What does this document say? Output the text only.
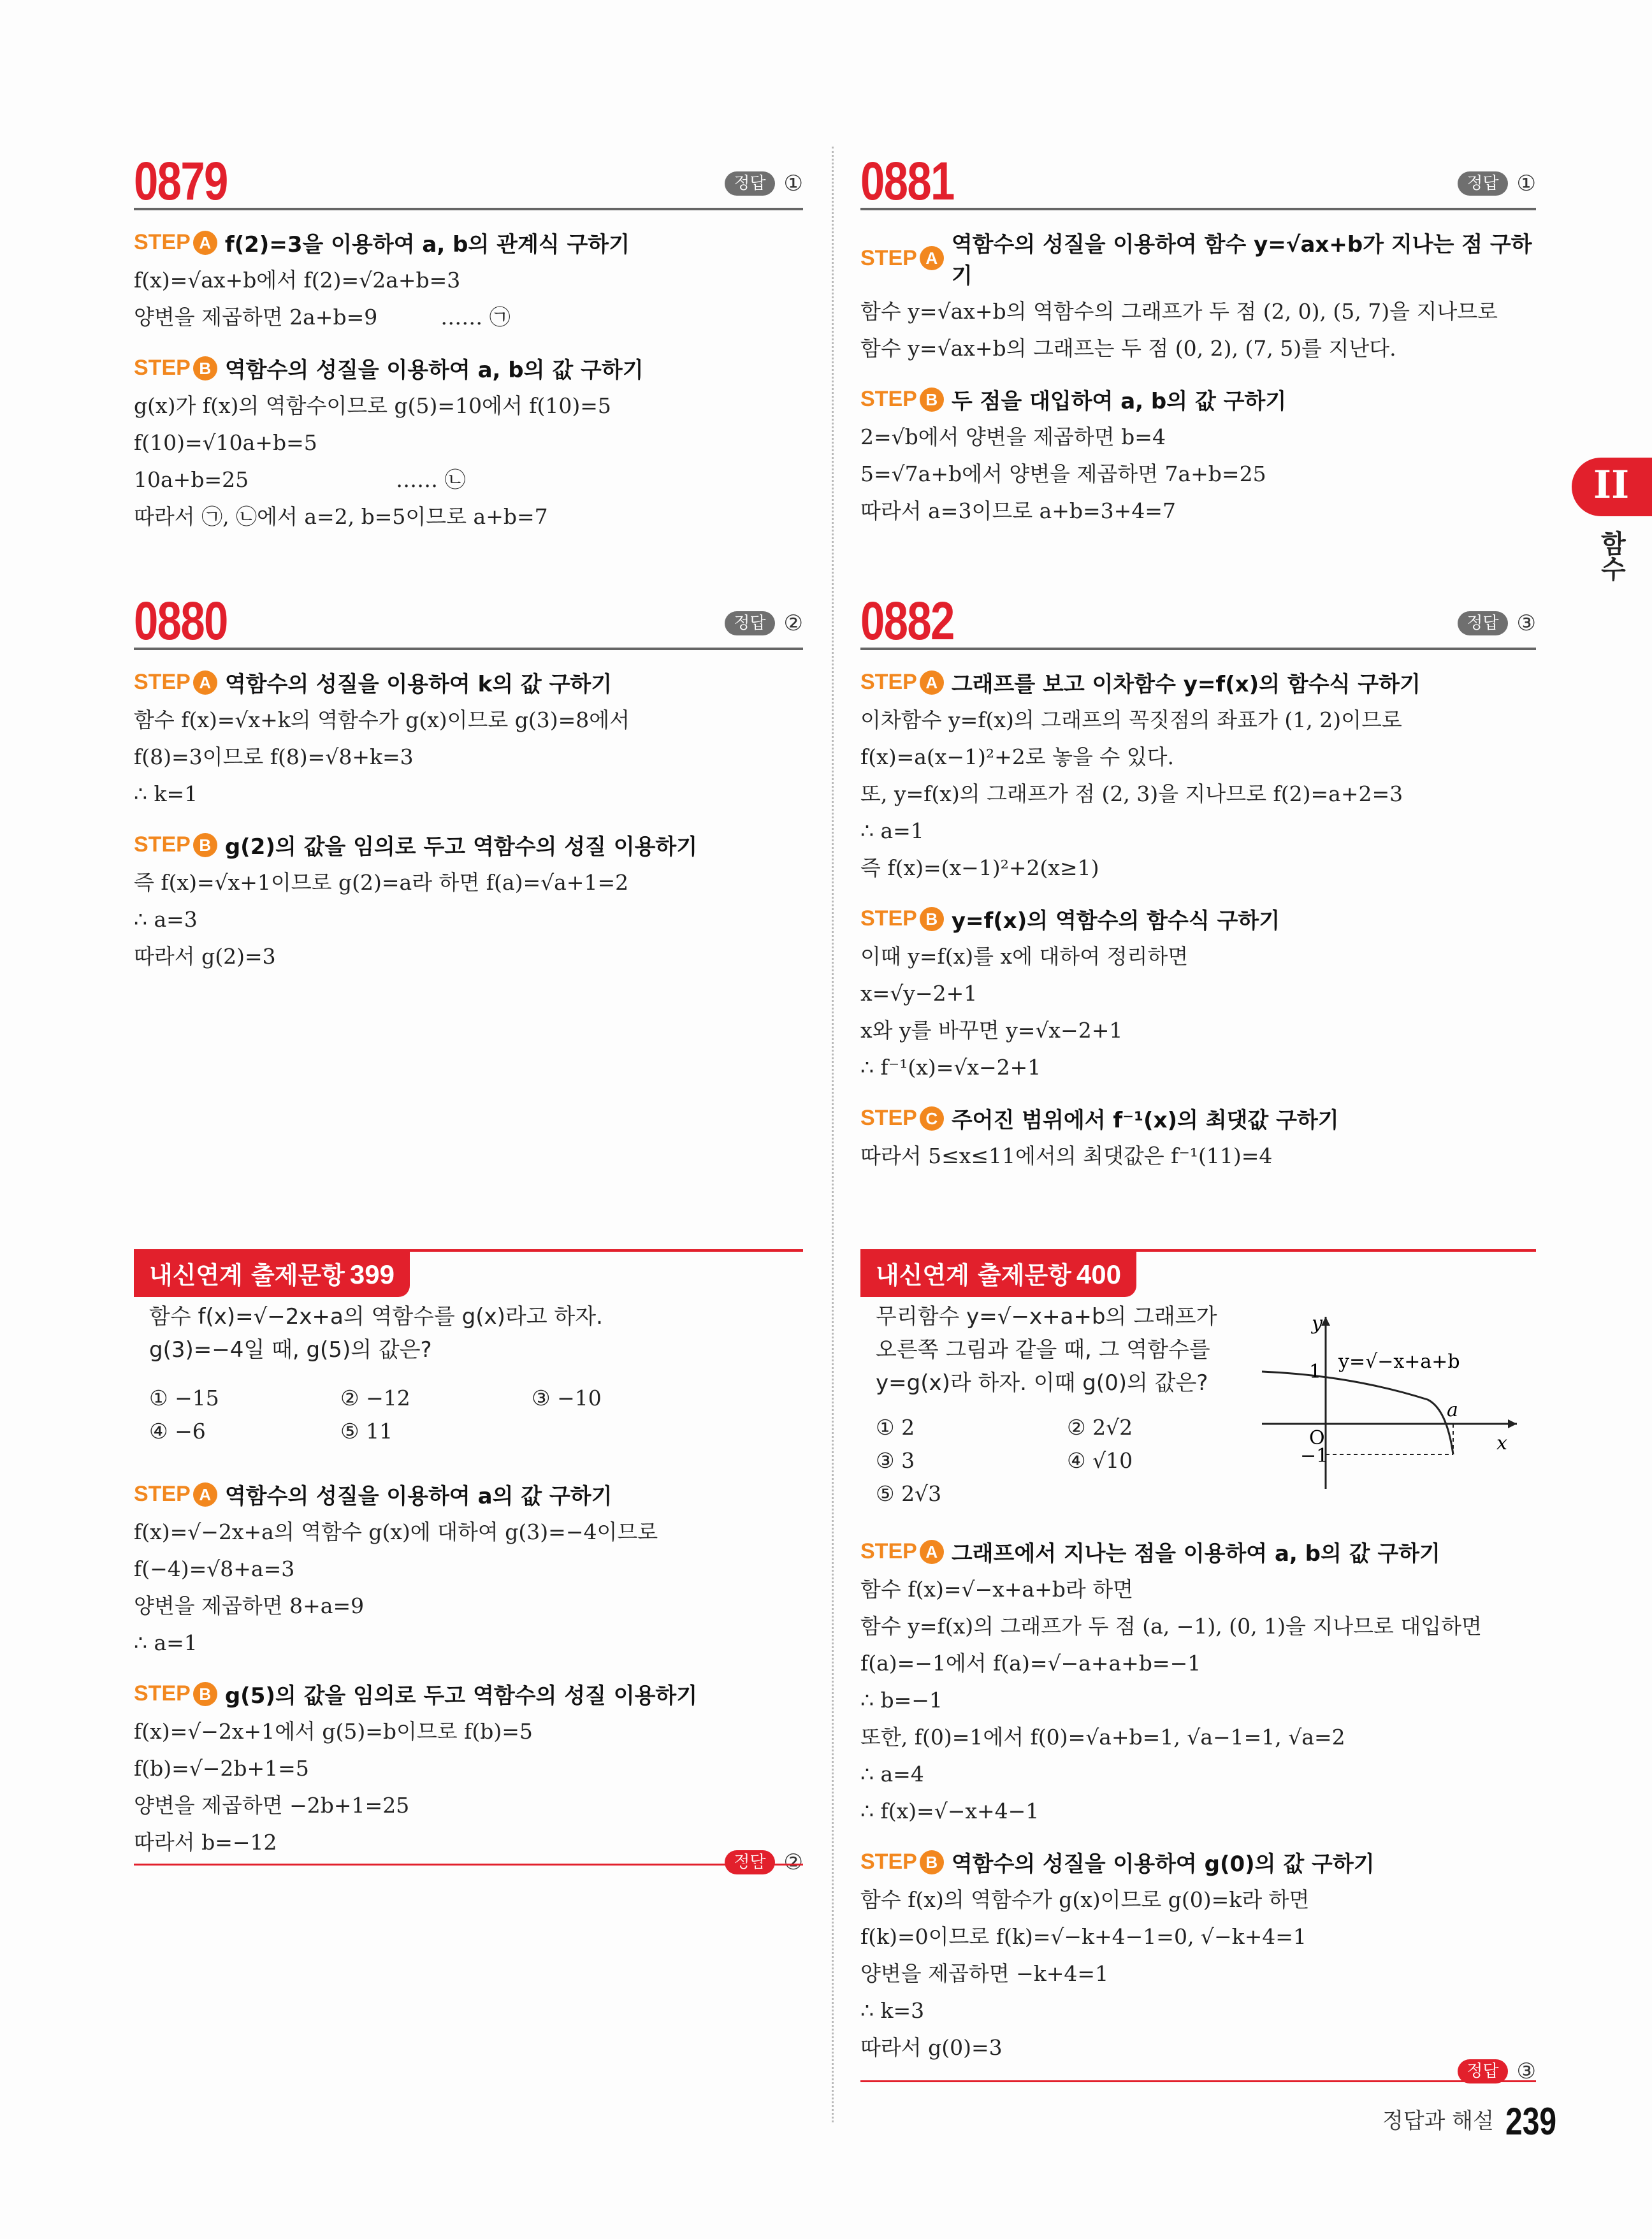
0879	정답 ①
STEP A f(2)=3을 이용하여 a, b의 관계식 구하기
f(x)=√ax+b에서 f(2)=√2a+b=3
양변을 제곱하면 2a+b=9　　　…… ㉠
STEP B 역함수의 성질을 이용하여 a, b의 값 구하기
g(x)가 f(x)의 역함수이므로 g(5)=10에서 f(10)=5
f(10)=√10a+b=5
10a+b=25　　　　　　　…… ㉡
따라서 ㉠, ㉡에서 a=2, b=5이므로 a+b=7
0880	정답 ②
STEP A 역함수의 성질을 이용하여 k의 값 구하기
함수 f(x)=√x+k의 역함수가 g(x)이므로 g(3)=8에서
f(8)=3이므로 f(8)=√8+k=3
∴ k=1
STEP B g(2)의 값을 임의로 두고 역함수의 성질 이용하기
즉 f(x)=√x+1이므로 g(2)=a라 하면 f(a)=√a+1=2
∴ a=3
따라서 g(2)=3
내신연계 출제문항 399
함수 f(x)=√−2x+a의 역함수를 g(x)라고 하자.
g(3)=−4일 때, g(5)의 값은?
① −15	② −12	③ −10
④ −6	⑤ 11
STEP A 역함수의 성질을 이용하여 a의 값 구하기
f(x)=√−2x+a의 역함수 g(x)에 대하여 g(3)=−4이므로
f(−4)=√8+a=3
양변을 제곱하면 8+a=9
∴ a=1
STEP B g(5)의 값을 임의로 두고 역함수의 성질 이용하기
f(x)=√−2x+1에서 g(5)=b이므로 f(b)=5
f(b)=√−2b+1=5
양변을 제곱하면 −2b+1=25
따라서 b=−12
정답 ②
0881	정답 ①
STEP A
역함수의 성질을 이용하여 함수 y=√ax+b가 지나는 점 구하기
함수 y=√ax+b의 역함수의 그래프가 두 점 (2, 0), (5, 7)을 지나므로
함수 y=√ax+b의 그래프는 두 점 (0, 2), (7, 5)를 지난다.
STEP B 두 점을 대입하여 a, b의 값 구하기
2=√b에서 양변을 제곱하면 b=4
5=√7a+b에서 양변을 제곱하면 7a+b=25
따라서 a=3이므로 a+b=3+4=7
0882	정답 ③
STEP A 그래프를 보고 이차함수 y=f(x)의 함수식 구하기
이차함수 y=f(x)의 그래프의 꼭짓점의 좌표가 (1, 2)이므로
f(x)=a(x−1)²+2로 놓을 수 있다.
또, y=f(x)의 그래프가 점 (2, 3)을 지나므로 f(2)=a+2=3
∴ a=1
즉 f(x)=(x−1)²+2(x≥1)
STEP B y=f(x)의 역함수의 함수식 구하기
이때 y=f(x)를 x에 대하여 정리하면
x=√y−2+1
x와 y를 바꾸면 y=√x−2+1
∴ f⁻¹(x)=√x−2+1
STEP C 주어진 범위에서 f⁻¹(x)의 최댓값 구하기
따라서 5≤x≤11에서의 최댓값은 f⁻¹(11)=4
내신연계 출제문항 400
무리함수 y=√−x+a+b의 그래프가
오른쪽 그림과 같을 때, 그 역함수를
y=g(x)라 하자. 이때 g(0)의 값은?
① 2	② 2√2
③ 3	④ √10
⑤ 2√3
y
x
O
1
−1
a
y=√−x+a+b
STEP A 그래프에서 지나는 점을 이용하여 a, b의 값 구하기
함수 f(x)=√−x+a+b라 하면
함수 y=f(x)의 그래프가 두 점 (a, −1), (0, 1)을 지나므로 대입하면
f(a)=−1에서 f(a)=√−a+a+b=−1
∴ b=−1
또한, f(0)=1에서 f(0)=√a+b=1, √a−1=1, √a=2
∴ a=4
∴ f(x)=√−x+4−1
STEP B 역함수의 성질을 이용하여 g(0)의 값 구하기
함수 f(x)의 역함수가 g(x)이므로 g(0)=k라 하면
f(k)=0이므로 f(k)=√−k+4−1=0, √−k+4=1
양변을 제곱하면 −k+4=1
∴ k=3
따라서 g(0)=3
정답 ③
II
함수
정답과 해설 239
